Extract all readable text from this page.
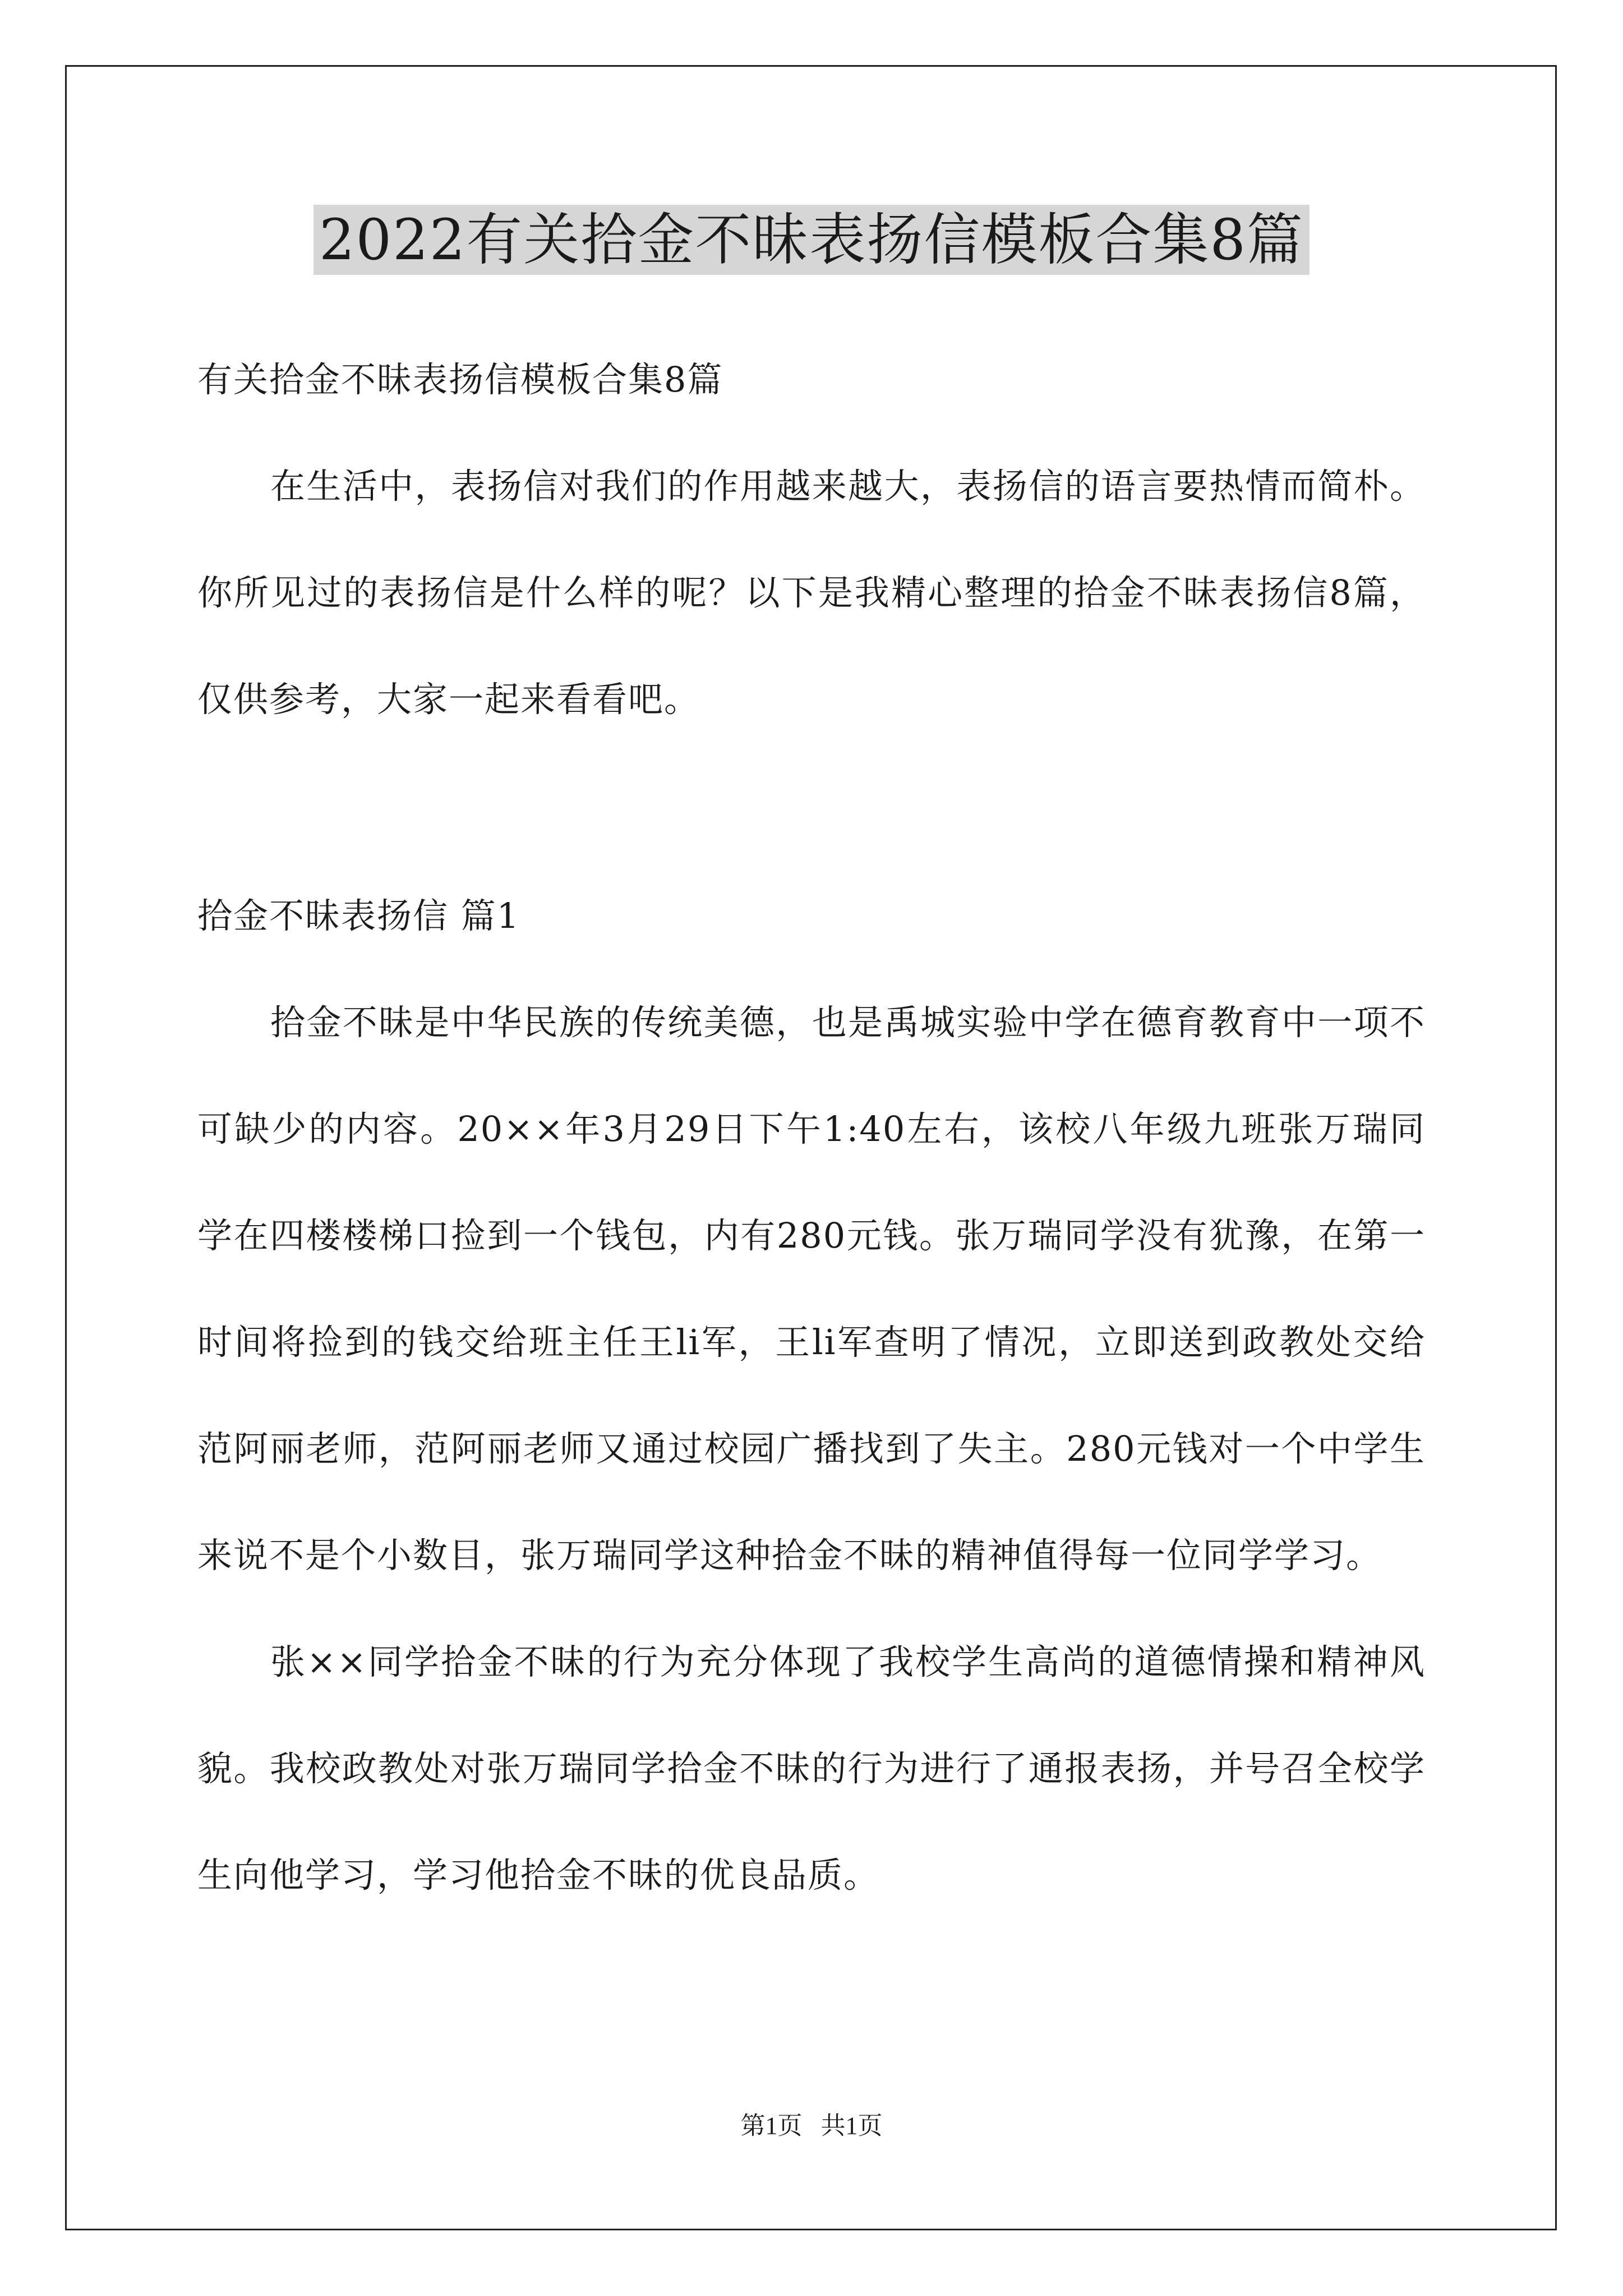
2022有关拾金不昧表扬信模板合集8篇

有关拾金不昧表扬信模板合集8篇

在生活中，表扬信对我们的作用越来越大，表扬信的语言要热情而简朴。你所见过的表扬信是什么样的呢？以下是我精心整理的拾金不昧表扬信8篇，仅供参考，大家一起来看看吧。

拾金不昧表扬信 篇1

拾金不昧是中华民族的传统美德，也是禹城实验中学在德育教育中一项不可缺少的内容。20××年3月29日下午1:40左右，该校八年级九班张万瑞同学在四楼楼梯口捡到一个钱包，内有280元钱。张万瑞同学没有犹豫，在第一时间将捡到的钱交给班主任王li军，王li军查明了情况，立即送到政教处交给范阿丽老师，范阿丽老师又通过校园广播找到了失主。280元钱对一个中学生来说不是个小数目，张万瑞同学这种拾金不昧的精神值得每一位同学学习。

张××同学拾金不昧的行为充分体现了我校学生高尚的道德情操和精神风貌。我校政教处对张万瑞同学拾金不昧的行为进行了通报表扬，并号召全校学生向他学习，学习他拾金不昧的优良品质。

第1页   共1页
